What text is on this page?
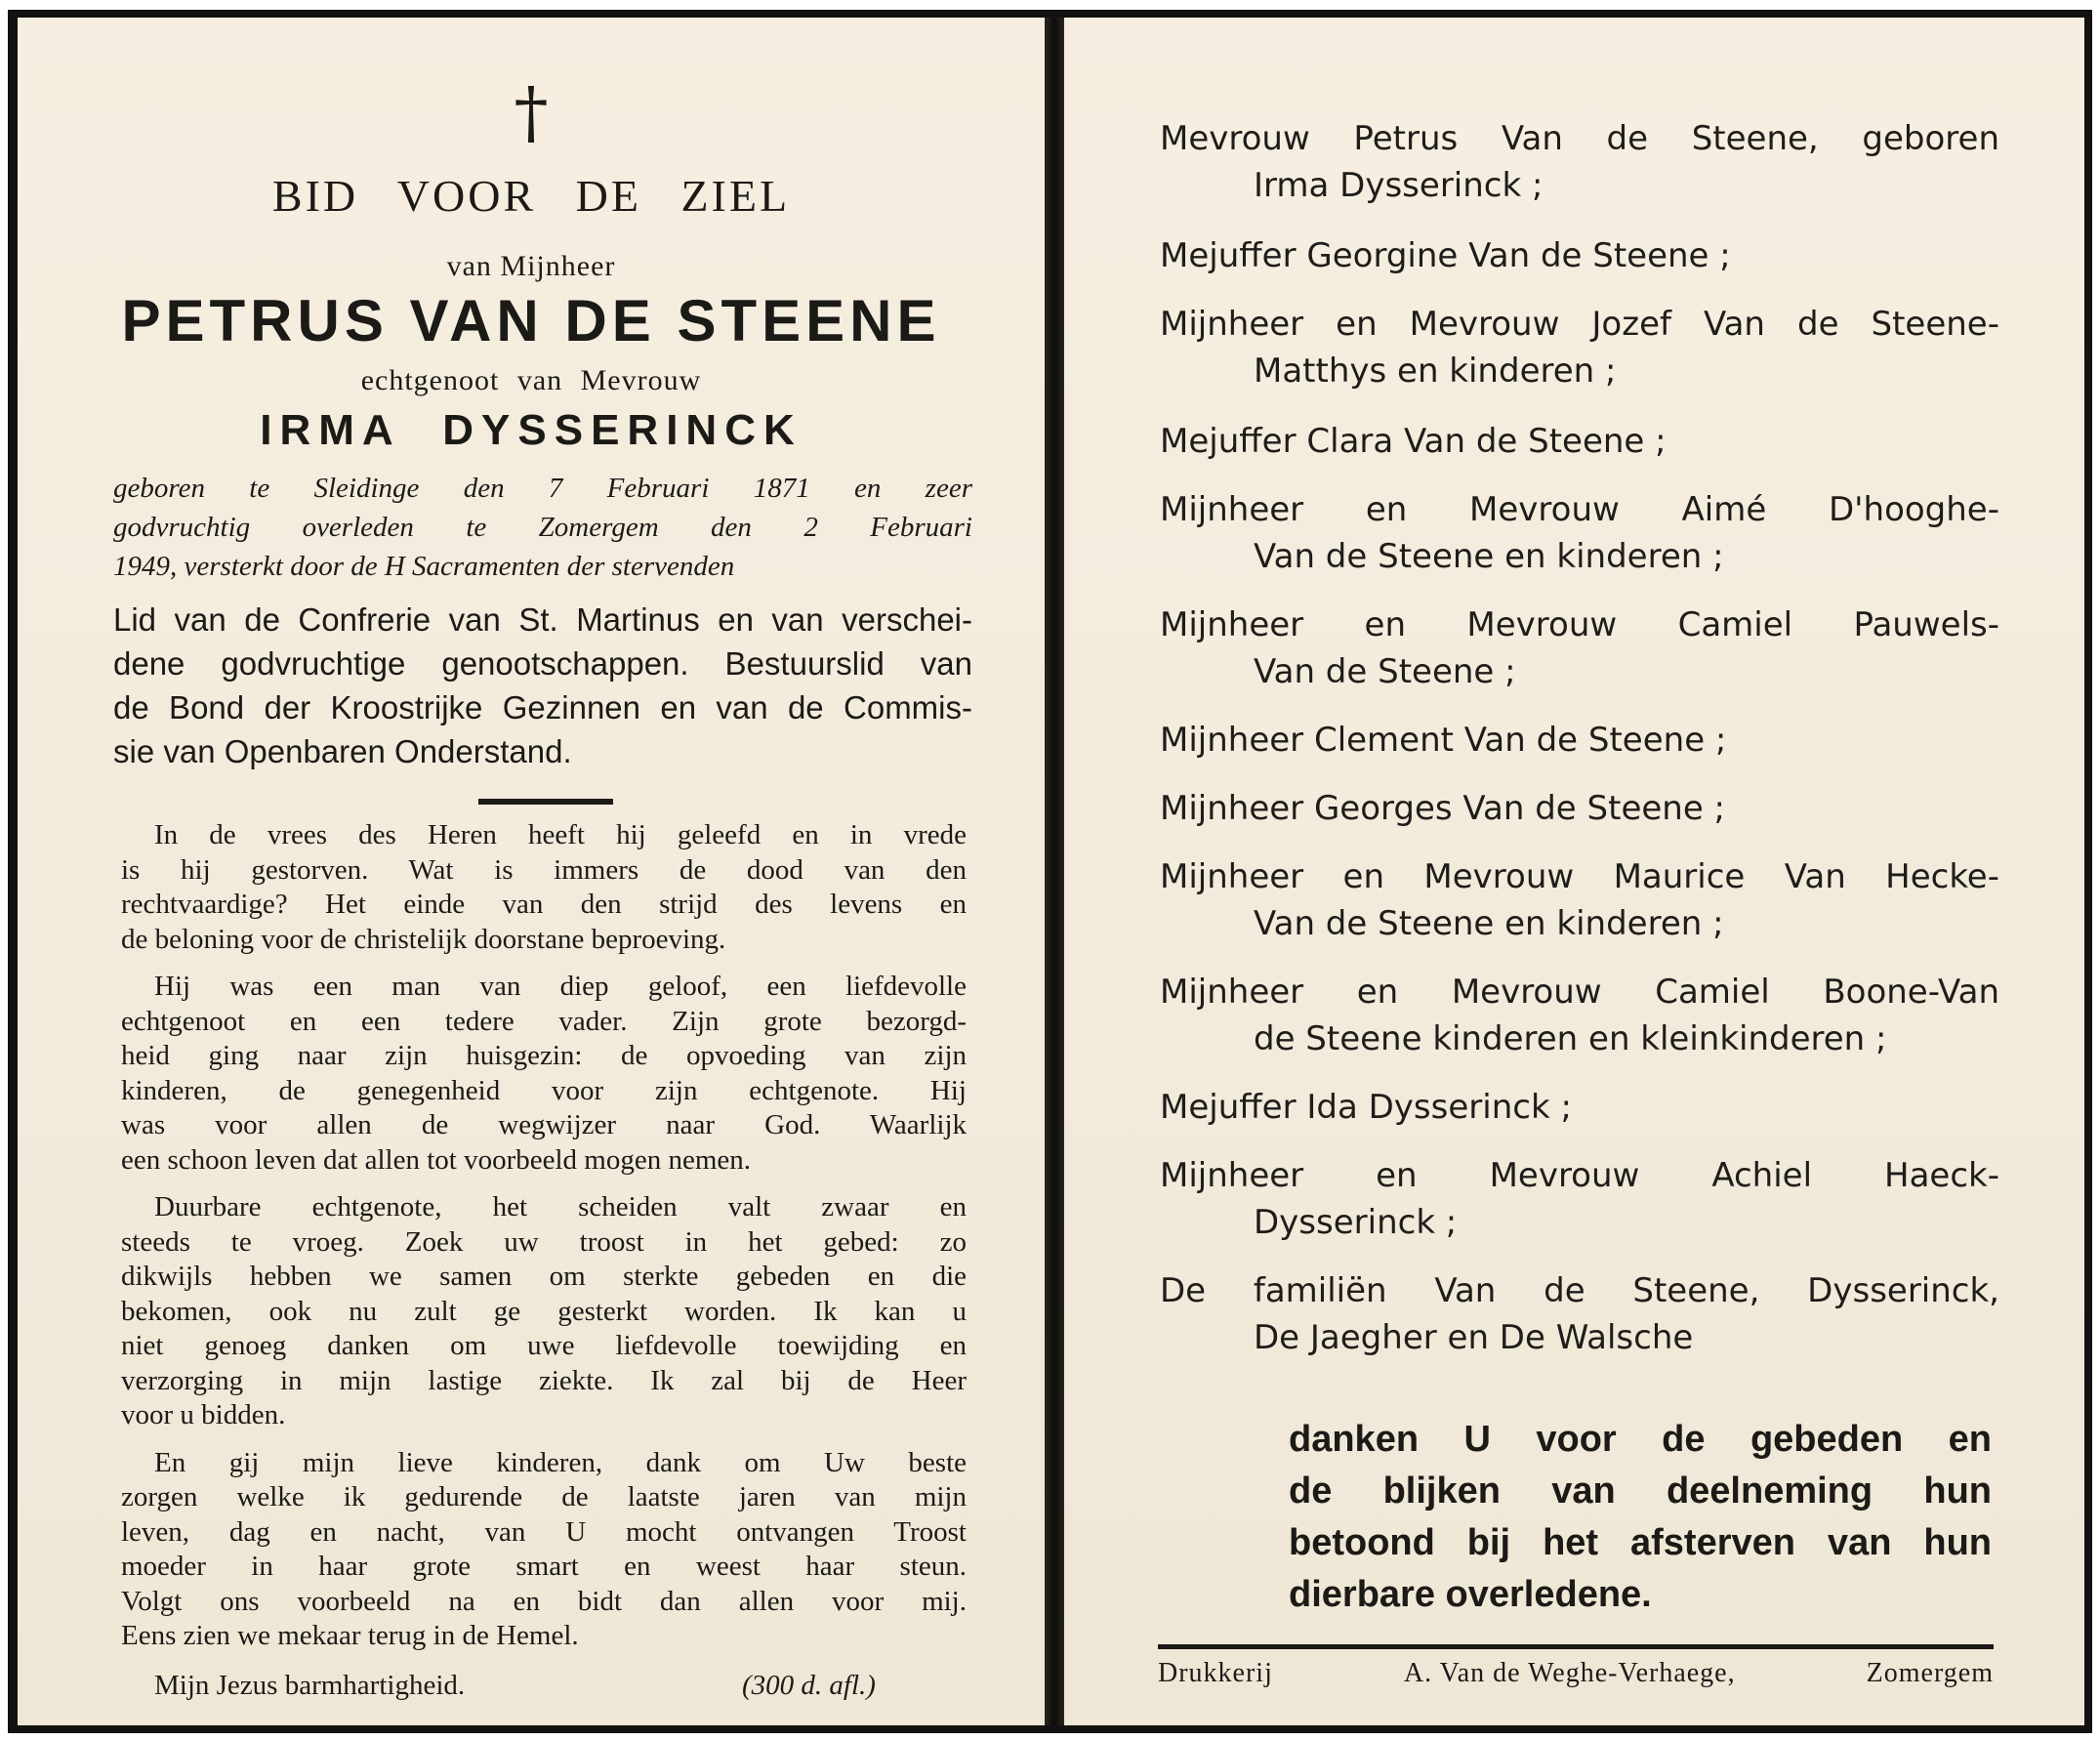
†
BID VOOR DE ZIEL
van Mijnheer
PETRUS VAN DE STEENE
echtgenoot van Mevrouw
IRMA DYSSERINCK
geboren te Sleidinge den 7 Februari 1871 en zeer
godvruchtig overleden te Zomergem den 2 Februari
1949, versterkt door de H Sacramenten der stervenden
Lid van de Confrerie van St. Martinus en van verschei-
dene godvruchtige genootschappen. Bestuurslid van
de Bond der Kroostrijke Gezinnen en van de Commis-
sie van Openbaren Onderstand.
In de vrees des Heren heeft hij geleefd en in vrede
is hij gestorven. Wat is immers de dood van den
rechtvaardige? Het einde van den strijd des levens en
de beloning voor de christelijk doorstane beproeving.
Hij was een man van diep geloof, een liefdevolle
echtgenoot en een tedere vader. Zijn grote bezorgd-
heid ging naar zijn huisgezin: de opvoeding van zijn
kinderen, de genegenheid voor zijn echtgenote. Hij
was voor allen de wegwijzer naar God. Waarlijk
een schoon leven dat allen tot voorbeeld mogen nemen.
Duurbare echtgenote, het scheiden valt zwaar en
steeds te vroeg. Zoek uw troost in het gebed: zo
dikwijls hebben we samen om sterkte gebeden en die
bekomen, ook nu zult ge gesterkt worden. Ik kan u
niet genoeg danken om uwe liefdevolle toewijding en
verzorging in mijn lastige ziekte. Ik zal bij de Heer
voor u bidden.
En gij mijn lieve kinderen, dank om Uw beste
zorgen welke ik gedurende de laatste jaren van mijn
leven, dag en nacht, van U mocht ontvangen Troost
moeder in haar grote smart en weest haar steun.
Volgt ons voorbeeld na en bidt dan allen voor mij.
Eens zien we mekaar terug in de Hemel.
Mijn Jezus barmhartigheid.	(300 d. afl.)
Mevrouw Petrus Van de Steene, geboren
Irma Dysserinck ;
Mejuffer Georgine Van de Steene ;
Mijnheer en Mevrouw Jozef Van de Steene-
Matthys en kinderen ;
Mejuffer Clara Van de Steene ;
Mijnheer en Mevrouw Aimé D'hooghe-
Van de Steene en kinderen ;
Mijnheer en Mevrouw Camiel Pauwels-
Van de Steene ;
Mijnheer Clement Van de Steene ;
Mijnheer Georges Van de Steene ;
Mijnheer en Mevrouw Maurice Van Hecke-
Van de Steene en kinderen ;
Mijnheer en Mevrouw Camiel Boone-Van
de Steene kinderen en kleinkinderen ;
Mejuffer Ida Dysserinck ;
Mijnheer en Mevrouw Achiel Haeck-
Dysserinck ;
De familiën Van de Steene, Dysserinck,
De Jaegher en De Walsche
danken U voor de gebeden en
de blijken van deelneming hun
betoond bij het afsterven van hun
dierbare overledene.
Drukkerij	A. Van de Weghe-Verhaege,	Zomergem
